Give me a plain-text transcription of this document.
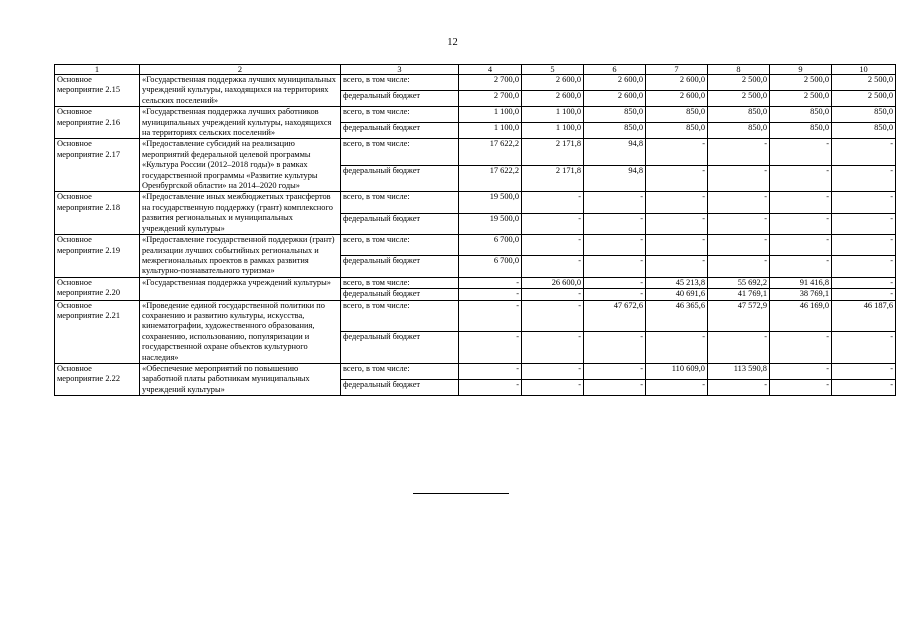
12
1	2	3	4	5	6	7	8	9	10
Основное мероприятие 2.15	«Государственная поддержка лучших муниципальных учреждений культуры, находящихся на территориях сельских поселений»	всего, в том числе:	2 700,0	2 600,0	2 600,0	2 600,0	2 500,0	2 500,0	2 500,0
		федеральный бюджет	2 700,0	2 600,0	2 600,0	2 600,0	2 500,0	2 500,0	2 500,0
Основное мероприятие 2.16	«Государственная поддержка лучших работников муниципальных учреждений культуры, находящихся на территориях сельских поселений»	всего, в том числе:	1 100,0	1 100,0	850,0	850,0	850,0	850,0	850,0
		федеральный бюджет	1 100,0	1 100,0	850,0	850,0	850,0	850,0	850,0
Основное мероприятие 2.17	«Предоставление субсидий на реализацию мероприятий федеральной целевой программы «Культура России (2012–2018 годы)» в рамках государственной программы «Развитие культуры Оренбургской области» на 2014–2020 годы»	всего, в том числе:	17 622,2	2 171,8	94,8	-	-	-	-
		федеральный бюджет	17 622,2	2 171,8	94,8	-	-	-	-
Основное мероприятие 2.18	«Предоставление иных межбюджетных трансфертов на государственную поддержку (грант) комплексного развития региональных и муниципальных учреждений культуры»	всего, в том числе:	19 500,0	-	-	-	-	-	-
		федеральный бюджет	19 500,0	-	-	-	-	-	-
Основное мероприятие 2.19	«Предоставление государственной поддержки (грант) реализации лучших событийных региональных и межрегиональных проектов в рамках развития культурно-познавательного туризма»	всего, в том числе:	6 700,0	-	-	-	-	-	-
		федеральный бюджет	6 700,0	-	-	-	-	-	-
Основное мероприятие 2.20	«Государственная поддержка учреждений культуры»	всего, в том числе:	-	26 600,0	-	45 213,8	55 692,2	91 416,8	-
		федеральный бюджет	-	-	-	40 691,6	41 769,1	38 769,1	-
Основное мероприятие 2.21	«Проведение единой государственной политики по сохранению и развитию культуры, искусства, кинематографии, художественного образования, сохранению, использованию, популяризации и государственной охране объектов культурного наследия»	всего, в том числе:	-	-	47 672,6	46 365,6	47 572,9	46 169,0	46 187,6
		федеральный бюджет	-	-	-	-	-	-	-
Основное мероприятие 2.22	«Обеспечение мероприятий по повышению заработной платы работникам муниципальных учреждений культуры»	всего, в том числе:	-	-	-	110 609,0	113 590,8	-	-
		федеральный бюджет	-	-	-	-	-	-	-
